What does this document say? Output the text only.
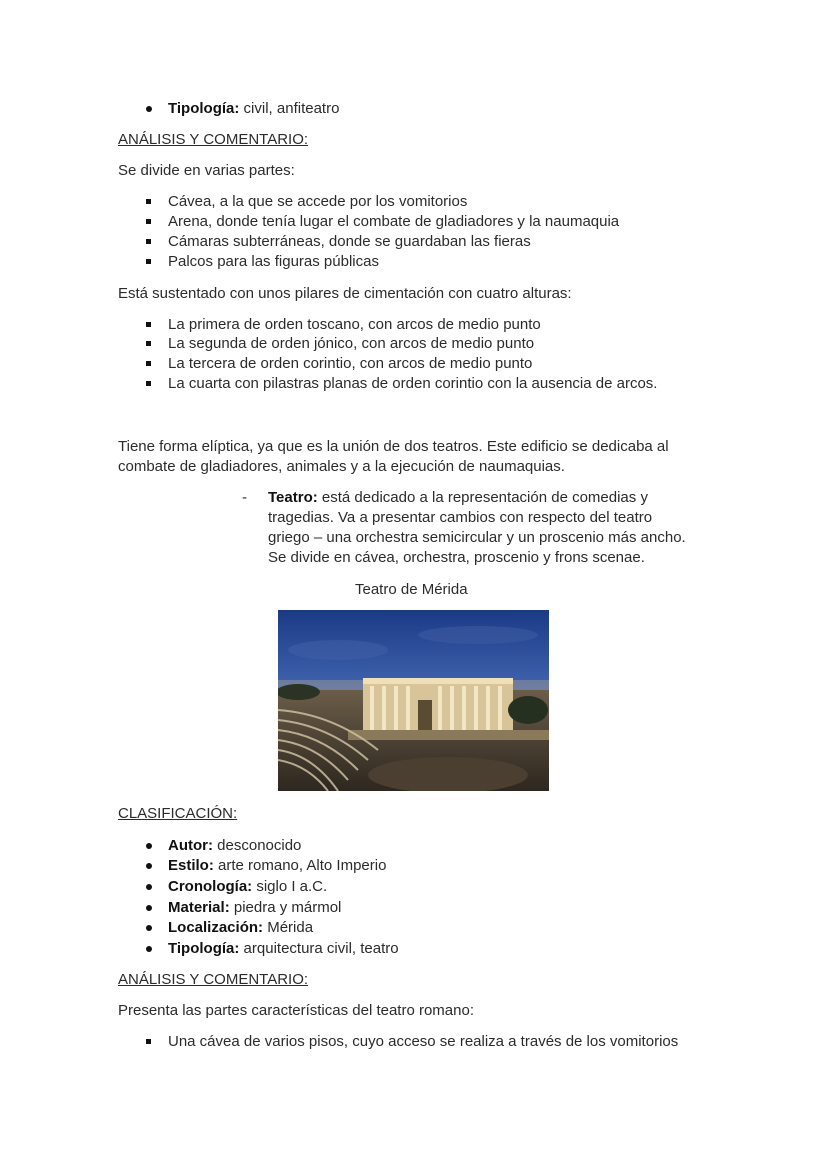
Tipología: civil, anfiteatro
ANÁLISIS Y COMENTARIO:
Se divide en varias partes:
Cávea, a la que se accede por los vomitorios
Arena, donde tenía lugar el combate de gladiadores y la naumaquia
Cámaras subterráneas, donde se guardaban las fieras
Palcos para las figuras públicas
Está sustentado con unos pilares de cimentación con cuatro alturas:
La primera de orden toscano, con arcos de medio punto
La segunda de orden jónico, con arcos de medio punto
La tercera de orden corintio, con arcos de medio punto
La cuarta con pilastras planas de orden corintio con la ausencia de arcos.
Tiene forma elíptica, ya que es la unión de dos teatros. Este edificio se dedicaba al
combate de gladiadores, animales y a la ejecución de naumaquias.
- Teatro: está dedicado a la representación de comedias y
tragedias. Va a presentar cambios con respecto del teatro
griego – una orchestra semicircular y un proscenio más ancho.
Se divide en cávea, orchestra, proscenio y frons scenae.
Teatro de Mérida
CLASIFICACIÓN:
Autor: desconocido
Estilo: arte romano, Alto Imperio
Cronología: siglo I a.C.
Material: piedra y mármol
Localización: Mérida
Tipología: arquitectura civil, teatro
ANÁLISIS Y COMENTARIO:
Presenta las partes características del teatro romano:
Una cávea de varios pisos, cuyo acceso se realiza a través de los vomitorios
